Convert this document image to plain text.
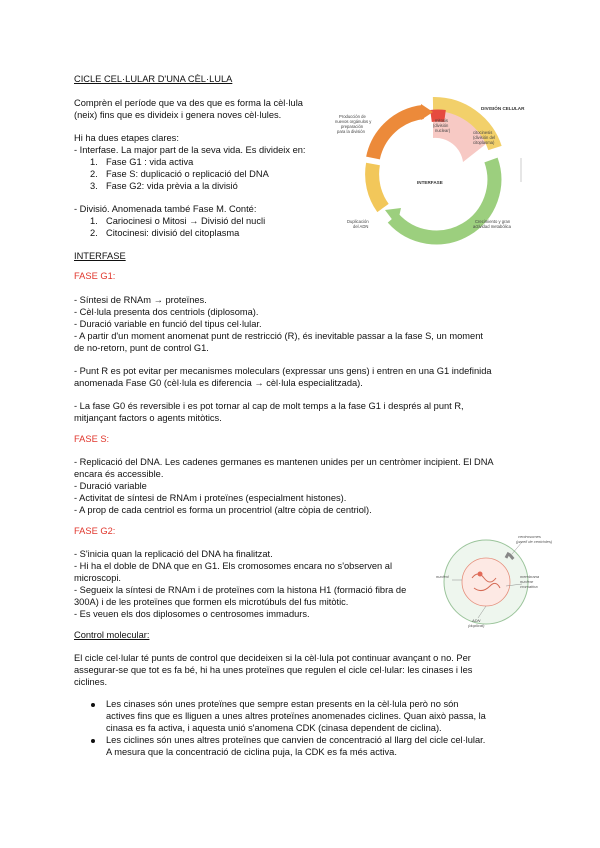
CICLE CEL·LULAR D'UNA CÈL·LULA
Comprèn el període que va des que es forma la cèl·lula
(neix) fins que es divideix i genera noves cèl·lules.
Hi ha dues etapes clares:
- Interfase. La major part de la seva vida. Es divideix en:
1. Fase G1 : vida activa
2. Fase S: duplicació o replicació del DNA
3. Fase G2: vida prèvia a la divisió
- Divisió. Anomenada també Fase M. Conté:
1. Cariocinesi o Mitosi → Divisió del nucli
2. Citocinesi: divisió del citoplasma
Producción de nuevos orgánulos y preparación para la división
DIVISIÓN CELULAR
mitosis (división nuclear)	citocinesis (división del citoplasma)
INTERFASE
Duplicación del ADN
Crecimiento y gran actividad metabólica
INTERFASE
FASE G1:
- Síntesi de RNAm → proteïnes.
- Cèl·lula presenta dos centriols (diplosoma).
- Duració variable en funció del tipus cel·lular.
- A partir d'un moment anomenat punt de restricció (R), és inevitable passar a la fase S, un moment
de no-retorn, punt de control G1.
- Punt R es pot evitar per mecanismes moleculars (expressar uns gens) i entren en una G1 indefinida
anomenada Fase G0 (cèl·lula es diferencia → cèl·lula especialitzada).
- La fase G0 és reversible i es pot tornar al cap de molt temps a la fase G1 i després al punt R,
mitjançant factors o agents mitòtics.
FASE S:
- Replicació del DNA. Les cadenes germanes es mantenen unides per un centròmer incipient. El DNA
encara és accessible.
- Duració variable
- Activitat de síntesi de RNAm i proteïnes (especialment histones).
- A prop de cada centriol es forma un procentriol (altre còpia de centriol).
FASE G2:
- S'inicia quan la replicació del DNA ha finalitzat.
- Hi ha el doble de DNA que en G1. Els cromosomes encara no s'observen al
microscopi.
- Segueix la síntesi de RNAm i de proteïnes com la histona H1 (formació fibra de
300A) i de les proteïnes que formen els microtúbuls del fus mitòtic.
- Es veuen els dos diplosomes o centrosomes immadurs.
centrosomes (parell de centrioles)
nucleol	membrana nuclear cromatina
ADN (duplicat)
Control molecular:
El cicle cel·lular té punts de control que decideixen si la cèl·lula pot continuar avançant o no. Per
assegurar-se que tot es fa bé, hi ha unes proteïnes que regulen el cicle cel·lular: les cinases i les
ciclines.
Les cinases són unes proteïnes que sempre estan presents en la cèl·lula però no són
actives fins que es lliguen a unes altres proteïnes anomenades ciclines. Quan això passa, la
cinasa es fa activa, i aquesta unió s'anomena CDK (cinasa dependent de ciclina).
Les ciclines són unes altres proteïnes que canvien de concentració al llarg del cicle cel·lular.
A mesura que la concentració de ciclina puja, la CDK es fa més activa.
